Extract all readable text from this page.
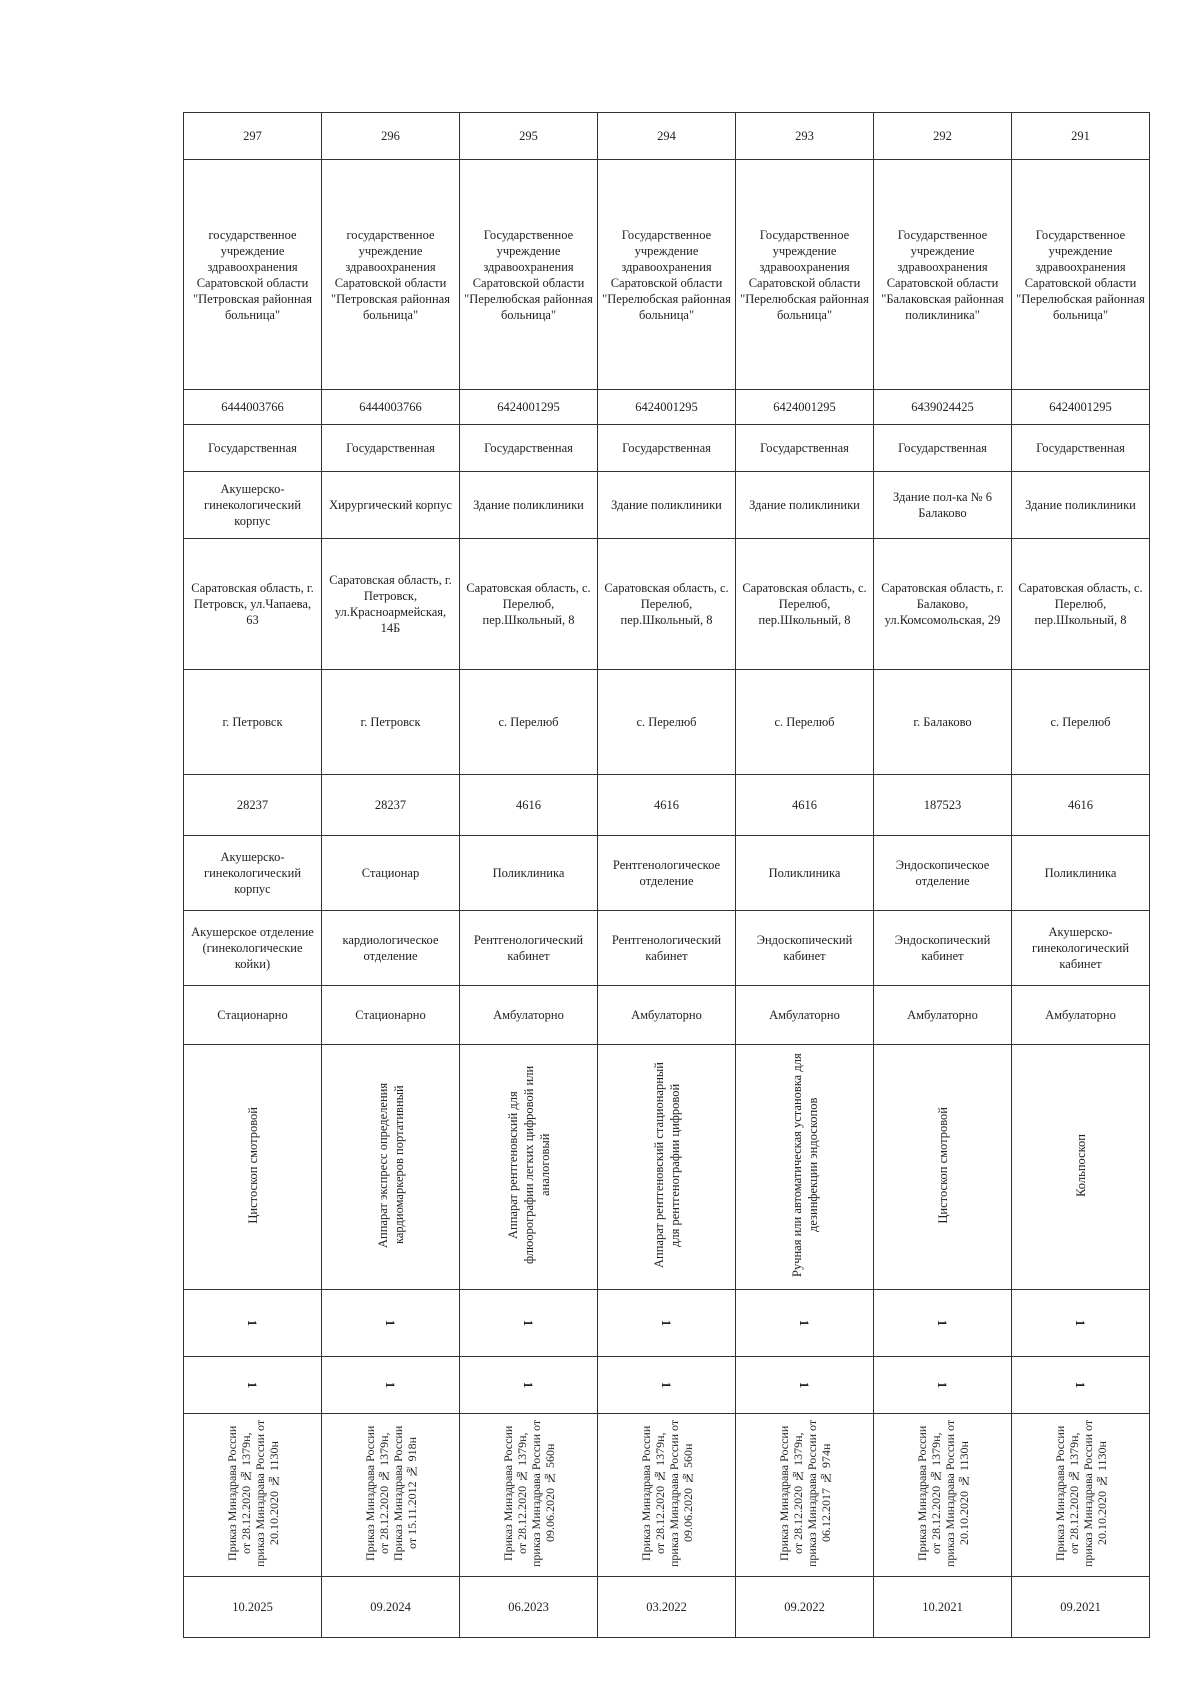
297	296	295	294	293	292	291
государственное учреждение здравоохранения Саратовской области "Петровская районная больница"	государственное учреждение здравоохранения Саратовской области "Петровская районная больница"	Государственное учреждение здравоохранения Саратовской области "Перелюбская районная больница"	Государственное учреждение здравоохранения Саратовской области "Перелюбская районная больница"	Государственное учреждение здравоохранения Саратовской области "Перелюбская районная больница"	Государственное учреждение здравоохранения Саратовской области "Балаковская районная поликлиника"	Государственное учреждение здравоохранения Саратовской области "Перелюбская районная больница"
6444003766	6444003766	6424001295	6424001295	6424001295	6439024425	6424001295
Государственная	Государственная	Государственная	Государственная	Государственная	Государственная	Государственная
Акушерско-гинекологический корпус	Хирургический корпус	Здание поликлиники	Здание поликлиники	Здание поликлиники	Здание пол-ка № 6 Балаково	Здание поликлиники
Саратовская область, г. Петровск, ул.Чапаева, 63	Саратовская область, г. Петровск, ул.Красноармейская, 14Б	Саратовская область, с. Перелюб, пер.Школьный, 8	Саратовская область, с. Перелюб, пер.Школьный, 8	Саратовская область, с. Перелюб, пер.Школьный, 8	Саратовская область, г. Балаково, ул.Комсомольская, 29	Саратовская область, с. Перелюб, пер.Школьный, 8
г. Петровск	г. Петровск	с. Перелюб	с. Перелюб	с. Перелюб	г. Балаково	с. Перелюб
28237	28237	4616	4616	4616	187523	4616
Акушерско-гинекологический корпус	Стационар	Поликлиника	Рентгенологическое отделение	Поликлиника	Эндоскопическое отделение	Поликлиника
Акушерское отделение (гинекологические койки)	кардиологическое отделение	Рентгенологический кабинет	Рентгенологический кабинет	Эндоскопический кабинет	Эндоскопический кабинет	Акушерско-гинекологический кабинет
Стационарно	Стационарно	Амбулаторно	Амбулаторно	Амбулаторно	Амбулаторно	Амбулаторно
Цистоскоп смотровой	Аппарат экспресс определения кардиомаркеров портативный	Аппарат рентгеновский для флюорографии легких цифровой или аналоговый	Аппарат рентгеновский стационарный для рентгенографии цифровой	Ручная или автоматическая установка для дезинфекции эндоскопов	Цистоскоп смотровой	Кольпоскоп
1	1	1	1	1	1	1
1	1	1	1	1	1	1
Приказ Минздрава России от 28.12.2020 № 1379н, приказ Минздрава России от 20.10.2020 № 1130н	Приказ Минздрава России от 28.12.2020 № 1379н, Приказ Минздрава России от 15.11.2012 № 918н	Приказ Минздрава России от 28.12.2020 № 1379н, приказ Минздрава России от 09.06.2020 № 560н	Приказ Минздрава России от 28.12.2020 № 1379н, приказ Минздрава России от 09.06.2020 № 560н	Приказ Минздрава России от 28.12.2020 № 1379н, приказ Минздрава России от 06.12.2017 № 974н	Приказ Минздрава России от 28.12.2020 № 1379н, приказ Минздрава России от 20.10.2020 № 1130н	Приказ Минздрава России от 28.12.2020 № 1379н, приказ Минздрава России от 20.10.2020 № 1130н
10.2025	09.2024	06.2023	03.2022	09.2022	10.2021	09.2021
